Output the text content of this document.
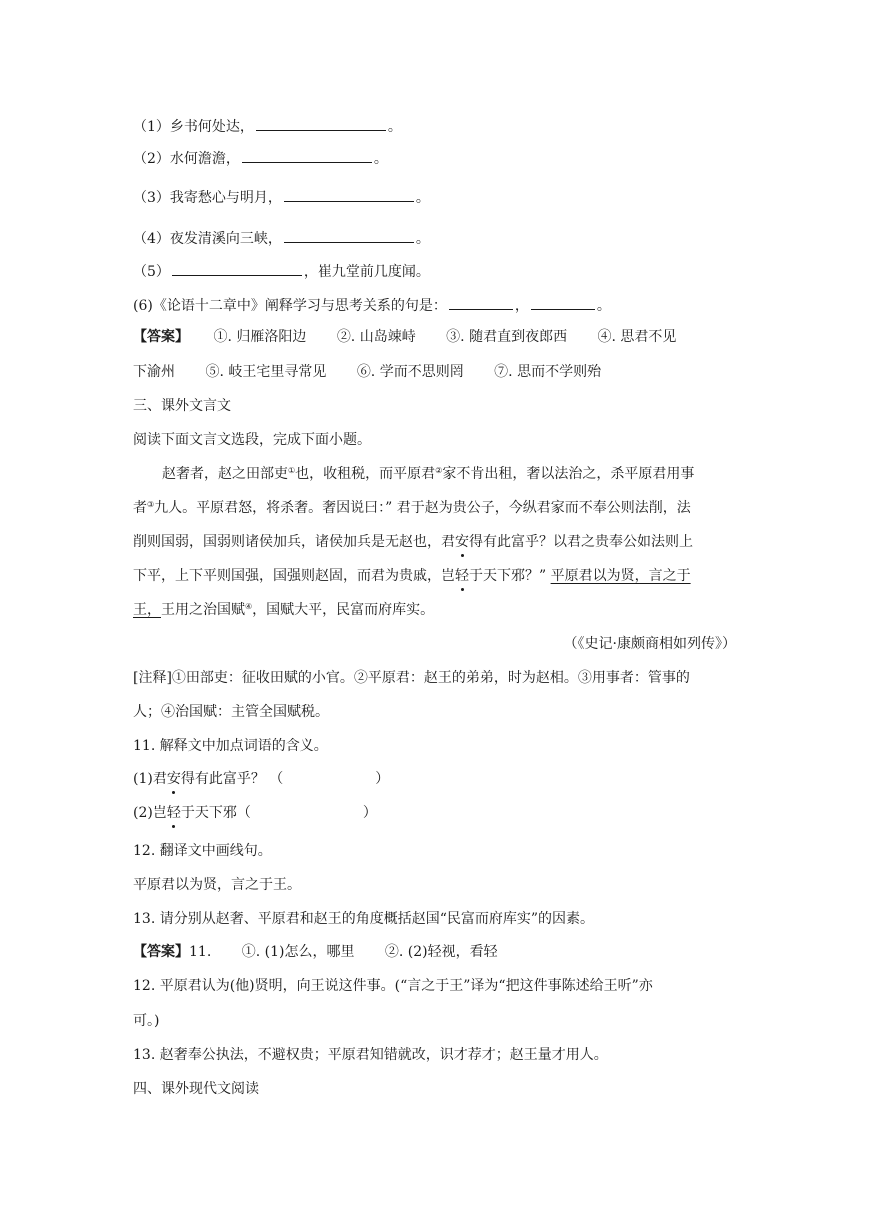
（1）乡书何处达，	。
（2）水何澹澹，	。
（3）我寄愁心与明月，	。
（4）夜发清溪向三峡，	。
（5）	，崔九堂前几度闻。
(6)《论语十二章中》阐释学习与思考关系的句是：	，	。
【答案】 ①. 归雁洛阳边 ②. 山岛竦峙 ③. 随君直到夜郎西 ④. 思君不见
下渝州 ⑤. 岐王宅里寻常见 ⑥. 学而不思则罔 ⑦. 思而不学则殆
三、课外文言文
阅读下面文言文选段，完成下面小题。
赵奢者，赵之田部吏①也，收租税，而平原君②家不肯出租，奢以法治之，杀平原君用事
者③九人。平原君怒，将杀奢。奢因说曰：” 君于赵为贵公子，今纵君家而不奉公则法削，法
削则国弱，国弱则诸侯加兵，诸侯加兵是无赵也，君安得有此富乎？以君之贵奉公如法则上
下平，上下平则国强，国强则赵固，而君为贵戚，岂轻于天下邪？” 平原君以为贤，言之于
王，王用之治国赋④，国赋大平，民富而府库实。
（《史记·康颇商相如列传》）
[注释]①田部吏：征收田赋的小官。②平原君：赵王的弟弟，时为赵相。③用事者：管事的
人；④治国赋：主管全国赋税。
11. 解释文中加点词语的含义。
(1)君安得有此富乎？ （	）
(2)岂轻于天下邪（	）
12. 翻译文中画线句。
平原君以为贤，言之于王。
13. 请分别从赵奢、平原君和赵王的角度概括赵国“民富而府库实”的因素。
【答案】11. ①. (1)怎么，哪里 ②. (2)轻视，看轻
12. 平原君认为(他)贤明，向王说这件事。(“言之于王”译为“把这件事陈述给王听”亦
可。)
13. 赵奢奉公执法，不避权贵；平原君知错就改，识才荐才；赵王量才用人。
四、课外现代文阅读
